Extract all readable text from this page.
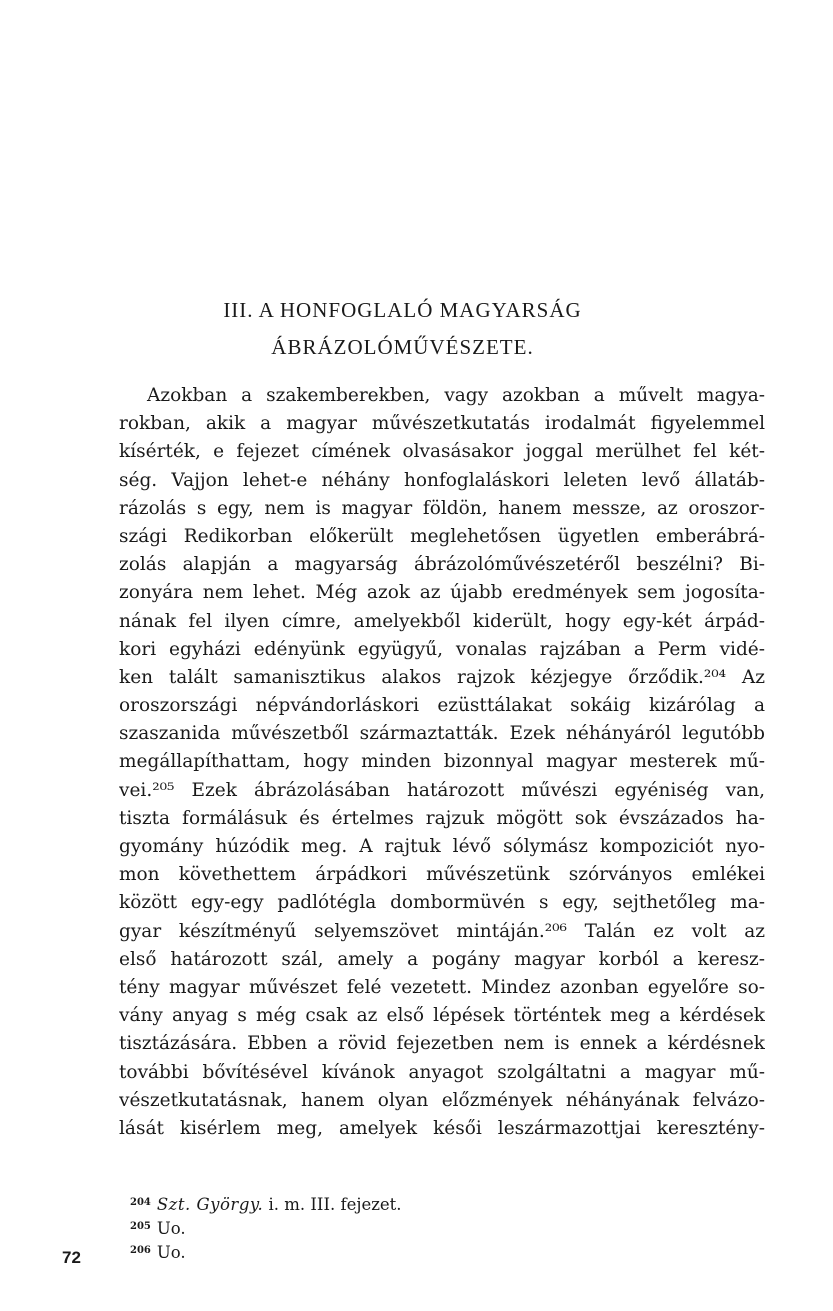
III. A HONFOGLALÓ MAGYARSÁG
ÁBRÁZOLÓMŰVÉSZETE.
Azokban a szakemberekben, vagy azokban a művelt magya-
rokban, akik a magyar művészetkutatás irodalmát figyelemmel
kísérték, e fejezet címének olvasásakor joggal merülhet fel két-
ség. Vajjon lehet-e néhány honfoglaláskori leleten levő állatáb-
rázolás s egy, nem is magyar földön, hanem messze, az oroszor-
szági Redikorban előkerült meglehetősen ügyetlen emberábrá-
zolás alapján a magyarság ábrázolóművészetéről beszélni? Bi-
zonyára nem lehet. Még azok az újabb eredmények sem jogosíta-
nának fel ilyen címre, amelyekből kiderült, hogy egy-két árpád-
kori egyházi edényünk együgyű, vonalas rajzában a Perm vidé-
ken talált samanisztikus alakos rajzok kézjegye őrződik.²⁰⁴ Az
oroszországi népvándorláskori ezüsttálakat sokáig kizárólag a
szaszanida művészetből származtatták. Ezek néhányáról legutóbb
megállapíthattam, hogy minden bizonnyal magyar mesterek mű-
vei.²⁰⁵ Ezek ábrázolásában határozott művészi egyéniség van,
tiszta formálásuk és értelmes rajzuk mögött sok évszázados ha-
gyomány húzódik meg. A rajtuk lévő sólymász kompoziciót nyo-
mon követhettem árpádkori művészetünk szórványos emlékei
között egy-egy padlótégla dombormüvén s egy, sejthetőleg ma-
gyar készítményű selyemszövet mintáján.²⁰⁶ Talán ez volt az
első határozott szál, amely a pogány magyar korból a keresz-
tény magyar művészet felé vezetett. Mindez azonban egyelőre so-
vány anyag s még csak az első lépések történtek meg a kérdések
tisztázására. Ebben a rövid fejezetben nem is ennek a kérdésnek
további bővítésével kívánok anyagot szolgáltatni a magyar mű-
vészetkutatásnak, hanem olyan előzmények néhányának felvázo-
lását kisérlem meg, amelyek késői leszármazottjai keresztény-
$^{204}$ Szt. György. i. m. III. fejezet.
$^{205}$ Uo.
$^{206}$ Uo.
72
